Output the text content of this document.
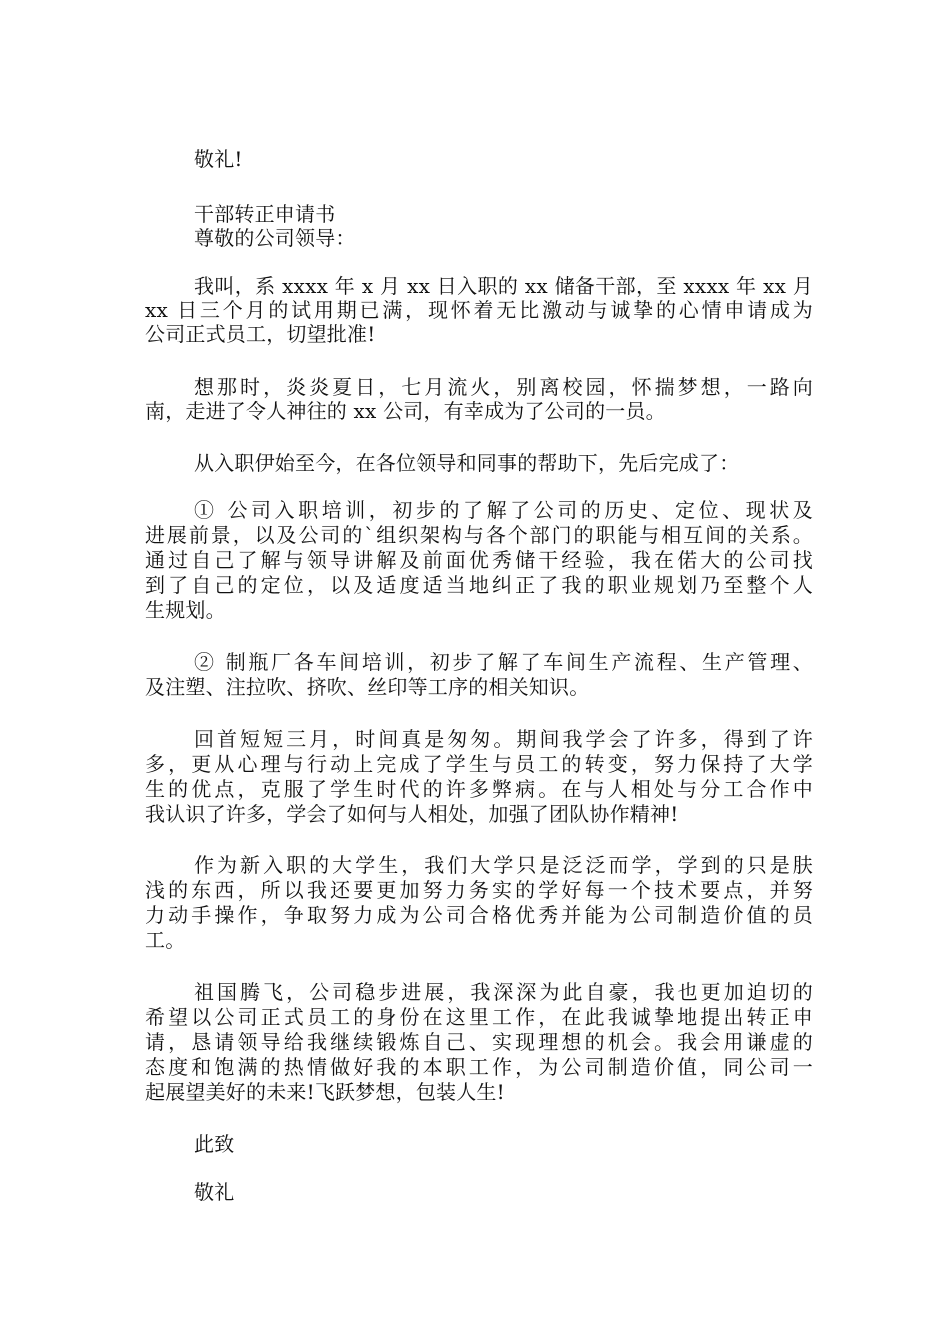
敬礼!
干部转正申请书
尊敬的公司领导：
我叫，系 xxxx 年 x 月 xx 日入职的 xx 储备干部，至 xxxx 年 xx 月
xx 日三个月的试用期已满，现怀着无比激动与诚挚的心情申请成为
公司正式员工，切望批准!
想那时，炎炎夏日，七月流火，别离校园，怀揣梦想，一路向
南，走进了令人神往的 xx 公司，有幸成为了公司的一员。
从入职伊始至今，在各位领导和同事的帮助下，先后完成了：
① 公司入职培训，初步的了解了公司的历史、定位、现状及
进展前景，以及公司的`组织架构与各个部门的职能与相互间的关系。
通过自己了解与领导讲解及前面优秀储干经验，我在偌大的公司找
到了自己的定位，以及适度适当地纠正了我的职业规划乃至整个人
生规划。
② 制瓶厂各车间培训，初步了解了车间生产流程、生产管理、
及注塑、注拉吹、挤吹、丝印等工序的相关知识。
回首短短三月，时间真是匆匆。期间我学会了许多，得到了许
多，更从心理与行动上完成了学生与员工的转变，努力保持了大学
生的优点，克服了学生时代的许多弊病。在与人相处与分工合作中
我认识了许多，学会了如何与人相处，加强了团队协作精神!
作为新入职的大学生，我们大学只是泛泛而学，学到的只是肤
浅的东西，所以我还要更加努力务实的学好每一个技术要点，并努
力动手操作，争取努力成为公司合格优秀并能为公司制造价值的员
工。
祖国腾飞，公司稳步进展，我深深为此自豪，我也更加迫切的
希望以公司正式员工的身份在这里工作，在此我诚挚地提出转正申
请，恳请领导给我继续锻炼自己、实现理想的机会。我会用谦虚的
态度和饱满的热情做好我的本职工作，为公司制造价值，同公司一
起展望美好的未来!飞跃梦想，包装人生!
此致
敬礼
